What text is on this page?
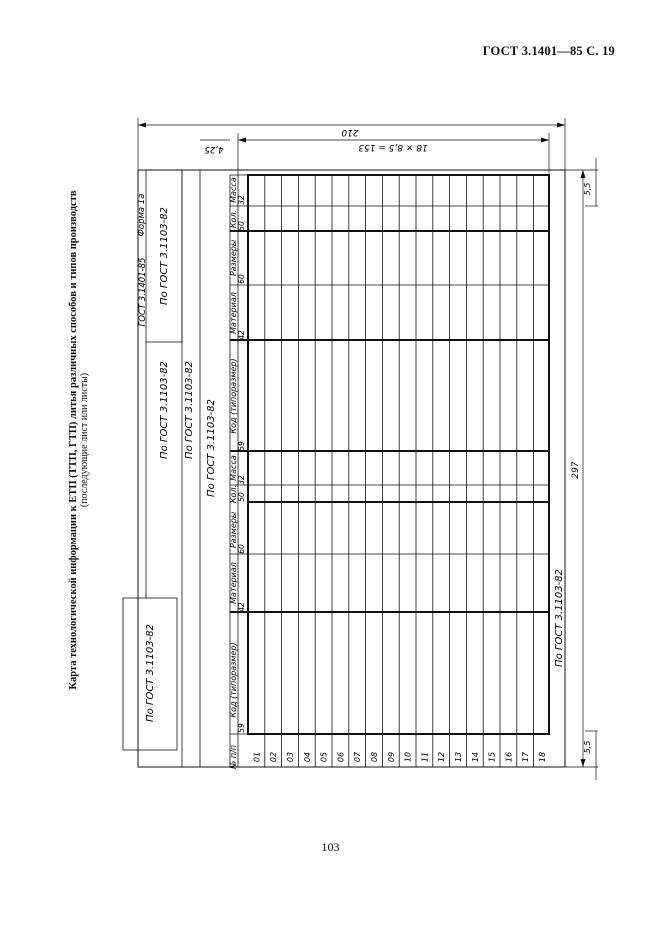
ГОСТ 3.1401—85 С. 19
Карта технологической информации к ЕТП (ТТП, ГТП) литья различных способов и типов производств (последующие лист или листы)
210
18 × 8,5 = 153
4,25
297
5,5
5,5
ГОСТ 3.1401-85
Форма 1а По ГОСТ 3.1103-82
По ГОСТ 3.1103-82 По ГОСТ 3.1103-82 По ГОСТ 3.1103-82
По ГОСТ 3.1103-82
По ГОСТ 3.1103-82
№ п/п
Код (типоразмер)
Материал
Размеры
Кол.
Масса
Код (типоразмер)
Материал
Размеры
Кол.
Масса
59
42
60
50
32
59
42
60
50
32
01 02 03 04 05 06 07 08 09 10 11 12 13 14 15 16 17 18
103
